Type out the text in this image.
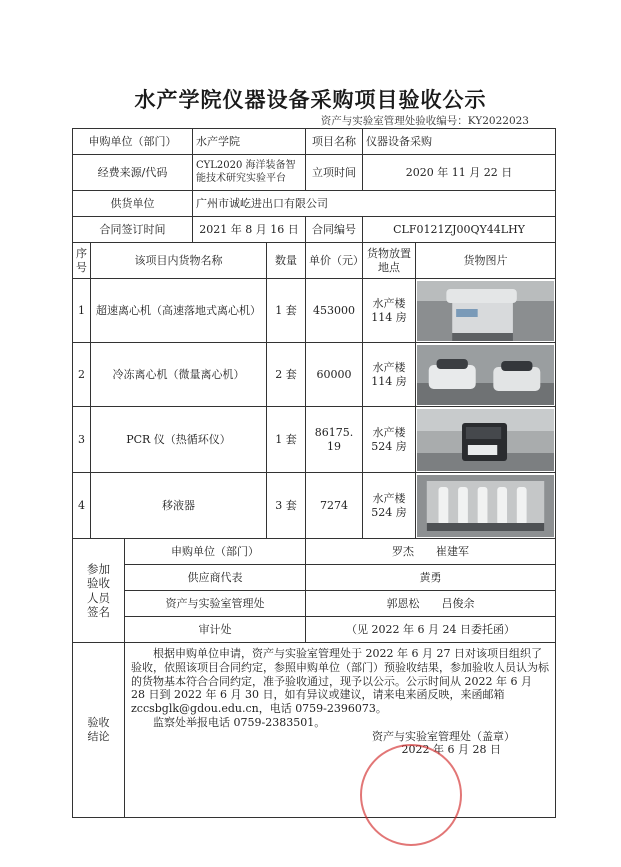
水产学院仪器设备采购项目验收公示
资产与实验室管理处验收编号：KY2022023
申购单位（部门）			水产学院		项目名称	仪器设备采购	
经费来源/代码			CYL2020 海洋装备智能技术研究实验平台		立项时间	2020 年 11 月 22 日	
供货单位			广州市诚屹进出口有限公司				
合同签订时间			2021 年 8 月 16 日		合同编号	CLF0121ZJ00QY44LHY	
序号	该项目内货物名称			数量	单价（元）	货物放置地点	货物图片
1	超速离心机（高速落地式离心机）			1 套	453000	水产楼 114 房	

2	冷冻离心机（微量离心机）			2 套	60000	水产楼 114 房	

3	PCR 仪（热循环仪）			1 套	86175. 19	水产楼 524 房	

4	移液器			3 套	7274	水产楼 524 房	

参加验收人员签名		申购单位（部门）			罗杰　　崔建军		
		供应商代表			黄勇		
		资产与实验室管理处			郭恩松　　吕俊余		
		审计处			（见 2022 年 6 月 24 日委托函）		
验收结论		根据申购单位申请，资产与实验室管理处于 2022 年 6 月 27 日对该项目组织了验收，依照该项目合同约定，参照申购单位（部门）预验收结果，参加验收人员认为标的货物基本符合合同约定，准予验收通过，现予以公示。公示时间从 2022 年 6 月 28 日到 2022 年 6 月 30 日，如有异议或建议，请来电来函反映，来函邮箱 zccsbglk@gdou.edu.cn，电话 0759-2396073。

监察处举报电话 0759-2383501。

资产与实验室管理处（盖章）
2022 年 6 月 28 日					
